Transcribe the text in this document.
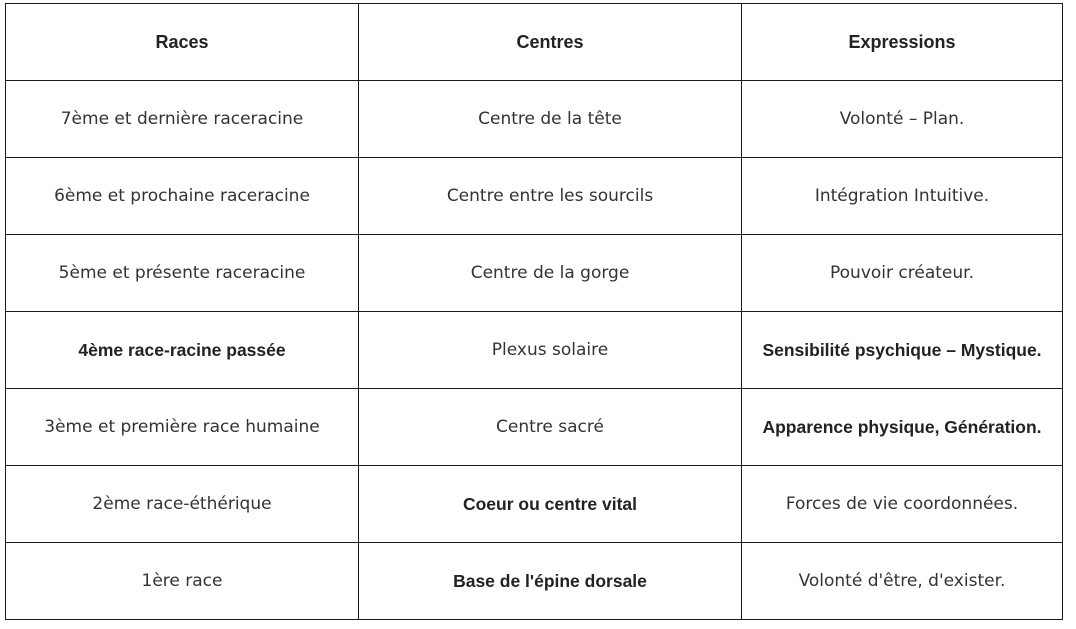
Races	Centres	Expressions
7ème et dernière raceracine	Centre de la tête	Volonté – Plan.
6ème et prochaine raceracine	Centre entre les sourcils	Intégration Intuitive.
5ème et présente raceracine	Centre de la gorge	Pouvoir créateur.
4ème race-racine passée	Plexus solaire	Sensibilité psychique – Mystique.
3ème et première race humaine	Centre sacré	Apparence physique, Génération.
2ème race-éthérique	Coeur ou centre vital	Forces de vie coordonnées.
1ère race	Base de l'épine dorsale	Volonté d'être, d'exister.
